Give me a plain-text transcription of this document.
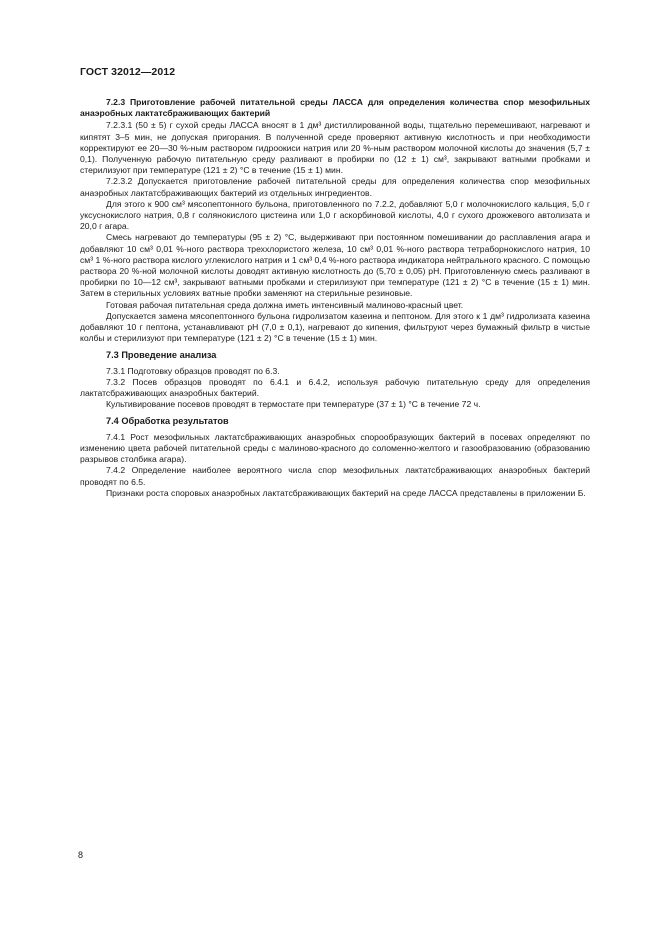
ГОСТ 32012—2012

7.2.3 Приготовление рабочей питательной среды ЛАССА для определения количества спор мезофильных анаэробных лактатсбраживающих бактерий

7.2.3.1 (50 ± 5) г сухой среды ЛАССА вносят в 1 дм³ дистиллированной воды, тщательно перемешивают, нагревают и кипятят 3–5 мин, не допуская пригорания. В полученной среде проверяют активную кислотность и при необходимости корректируют ее 20—30 %-ным раствором гидроокиси натрия или 20 %-ным раствором молочной кислоты до значения (5,7 ± 0,1). Полученную рабочую питательную среду разливают в пробирки по (12 ± 1) см³, закрывают ватными пробками и стерилизуют при температуре (121 ± 2) °С в течение (15 ± 1) мин.

7.2.3.2 Допускается приготовление рабочей питательной среды для определения количества спор мезофильных анаэробных лактатсбраживающих бактерий из отдельных ингредиентов.

Для этого к 900 см³ мясопептонного бульона, приготовленного по 7.2.2, добавляют 5,0 г молочнокислого кальция, 5,0 г уксуснокислого натрия, 0,8 г солянокислого цистеина или 1,0 г аскорбиновой кислоты, 4,0 г сухого дрожжевого автолизата и 20,0 г агара.

Смесь нагревают до температуры (95 ± 2) °С, выдерживают при постоянном помешивании до расплавления агара и добавляют 10 см³ 0,01 %-ного раствора треххлористого железа, 10 см³ 0,01 %-ного раствора тетраборнокислого натрия, 10 см³ 1 %-ного раствора кислого углекислого натрия и 1 см³ 0,4 %-ного раствора индикатора нейтрального красного. С помощью раствора 20 %-ной молочной кислоты доводят активную кислотность до (5,70 ± 0,05) pH. Приготовленную смесь разливают в пробирки по 10—12 см³, закрывают ватными пробками и стерилизуют при температуре (121 ± 2) °С в течение (15 ± 1) мин. Затем в стерильных условиях ватные пробки заменяют на стерильные резиновые.

Готовая рабочая питательная среда должна иметь интенсивный малиново-красный цвет.

Допускается замена мясопептонного бульона гидролизатом казеина и пептоном. Для этого к 1 дм³ гидролизата казеина добавляют 10 г пептона, устанавливают pH (7,0 ± 0,1), нагревают до кипения, фильтруют через бумажный фильтр в чистые колбы и стерилизуют при температуре (121 ± 2) °С в течение (15 ± 1) мин.

7.3 Проведение анализа

7.3.1 Подготовку образцов проводят по 6.3.

7.3.2 Посев образцов проводят по 6.4.1 и 6.4.2, используя рабочую питательную среду для определения лактатсбраживающих анаэробных бактерий.

Культивирование посевов проводят в термостате при температуре (37 ± 1) °С в течение 72 ч.

7.4 Обработка результатов

7.4.1 Рост мезофильных лактатсбраживающих анаэробных спорообразующих бактерий в посевах определяют по изменению цвета рабочей питательной среды с малиново-красного до соломенно-желтого и газообразованию (образованию разрывов столбика агара).

7.4.2 Определение наиболее вероятного числа спор мезофильных лактатсбраживающих анаэробных бактерий проводят по 6.5.

Признаки роста споровых анаэробных лактатсбраживающих бактерий на среде ЛАССА представлены в приложении Б.

8
